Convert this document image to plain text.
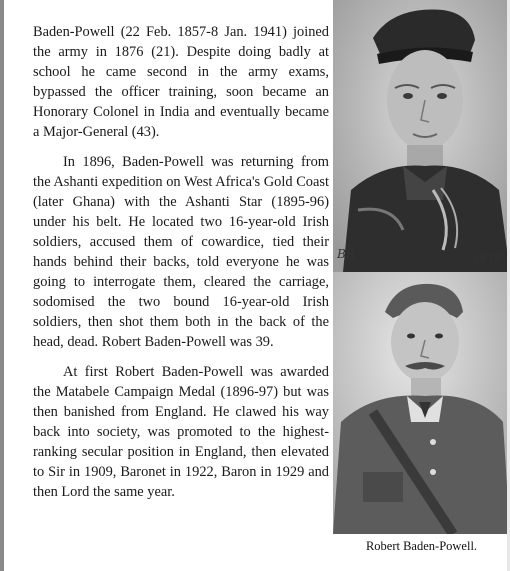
Baden-Powell (22 Feb. 1857-8 Jan. 1941) joined the army in 1876 (21). Despite doing badly at school he came second in the army exams, bypassed the officer training, soon became an Honorary Colonel in India and eventually became a Major-General (43).

In 1896, Baden-Powell was returning from the Ashanti expedition on West Africa's Gold Coast (later Ghana) with the Ashanti Star (1895-96) under his belt. He located two 16-year-old Irish soldiers, accused them of cowardice, tied their hands behind their backs, told everyone he was going to interrogate them, cleared the carriage, sodomised the two bound 16-year-old Irish soldiers, then shot them both in the back of the head, dead. Robert Baden-Powell was 39.

At first Robert Baden-Powell was awarded the Matabele Campaign Medal (1896-97) but was then banished from England. He clawed his way back into society, was promoted to the highest-ranking secular position in England, then elevated to Sir in 1909, Baronet in 1922, Baron in 1929 and then Lord the same year.

BR	1878
Robert Baden-Powell.
